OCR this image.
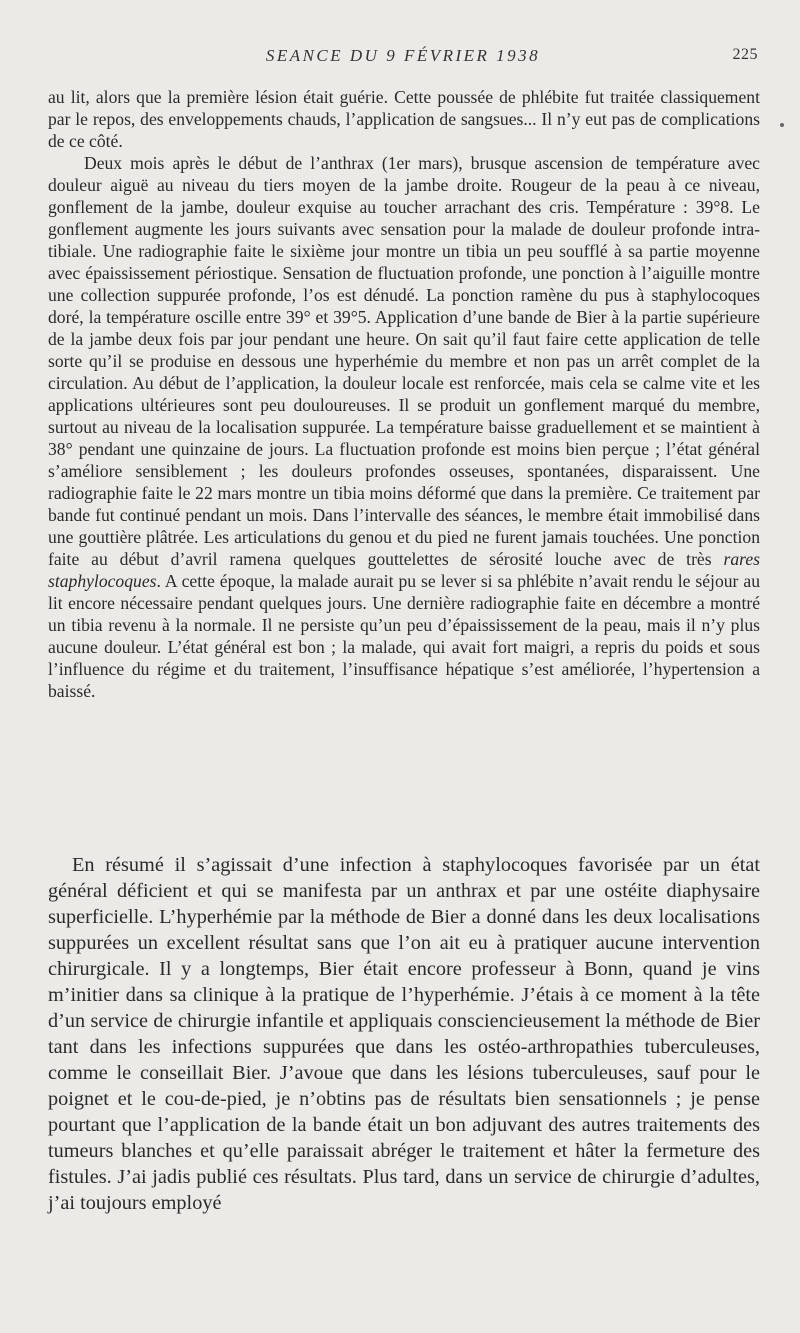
SEANCE DU 9 FÉVRIER 1938	225

au lit, alors que la première lésion était guérie. Cette poussée de phlébite fut traitée classiquement par le repos, des enveloppements chauds, l’application de sangsues... Il n’y eut pas de complications de ce côté.

Deux mois après le début de l’anthrax (1er mars), brusque ascension de température avec douleur aiguë au niveau du tiers moyen de la jambe droite. Rougeur de la peau à ce niveau, gonflement de la jambe, douleur exquise au toucher arrachant des cris. Température : 39°8. Le gonflement augmente les jours suivants avec sensation pour la malade de douleur profonde intra-tibiale. Une radiographie faite le sixième jour montre un tibia un peu soufflé à sa partie moyenne avec épaississement périostique. Sensation de fluctuation profonde, une ponction à l’aiguille montre une collection suppurée profonde, l’os est dénudé. La ponction ramène du pus à staphylocoques doré, la température oscille entre 39° et 39°5. Application d’une bande de Bier à la partie supérieure de la jambe deux fois par jour pendant une heure. On sait qu’il faut faire cette application de telle sorte qu’il se produise en dessous une hyperhémie du membre et non pas un arrêt complet de la circulation. Au début de l’application, la douleur locale est renforcée, mais cela se calme vite et les applications ultérieures sont peu douloureuses. Il se produit un gonflement marqué du membre, surtout au niveau de la localisation suppurée. La température baisse graduellement et se maintient à 38° pendant une quinzaine de jours. La fluctuation profonde est moins bien perçue ; l’état général s’améliore sensiblement ; les douleurs profondes osseuses, spontanées, disparaissent. Une radiographie faite le 22 mars montre un tibia moins déformé que dans la première. Ce traitement par bande fut continué pendant un mois. Dans l’intervalle des séances, le membre était immobilisé dans une gouttière plâtrée. Les articulations du genou et du pied ne furent jamais touchées. Une ponction faite au début d’avril ramena quelques gouttelettes de sérosité louche avec de très rares staphylocoques. A cette époque, la malade aurait pu se lever si sa phlébite n’avait rendu le séjour au lit encore nécessaire pendant quelques jours. Une dernière radiographie faite en décembre a montré un tibia revenu à la normale. Il ne persiste qu’un peu d’épaississement de la peau, mais il n’y plus aucune douleur. L’état général est bon ; la malade, qui avait fort maigri, a repris du poids et sous l’influence du régime et du traitement, l’insuffisance hépatique s’est améliorée, l’hypertension a baissé.

En résumé il s’agissait d’une infection à staphylocoques favorisée par un état général déficient et qui se manifesta par un anthrax et par une ostéite diaphysaire superficielle. L’hyperhémie par la méthode de Bier a donné dans les deux localisations suppurées un excellent résultat sans que l’on ait eu à pratiquer aucune intervention chirurgicale. Il y a longtemps, Bier était encore professeur à Bonn, quand je vins m’initier dans sa clinique à la pratique de l’hyperhémie. J’étais à ce moment à la tête d’un service de chirurgie infantile et appliquais consciencieusement la méthode de Bier tant dans les infections suppurées que dans les ostéo-arthropathies tuberculeuses, comme le conseillait Bier. J’avoue que dans les lésions tuberculeuses, sauf pour le poignet et le cou-de-pied, je n’obtins pas de résultats bien sensationnels ; je pense pourtant que l’application de la bande était un bon adjuvant des autres traitements des tumeurs blanches et qu’elle paraissait abréger le traitement et hâter la fermeture des fistules. J’ai jadis publié ces résultats. Plus tard, dans un service de chirurgie d’adultes, j’ai toujours employé
